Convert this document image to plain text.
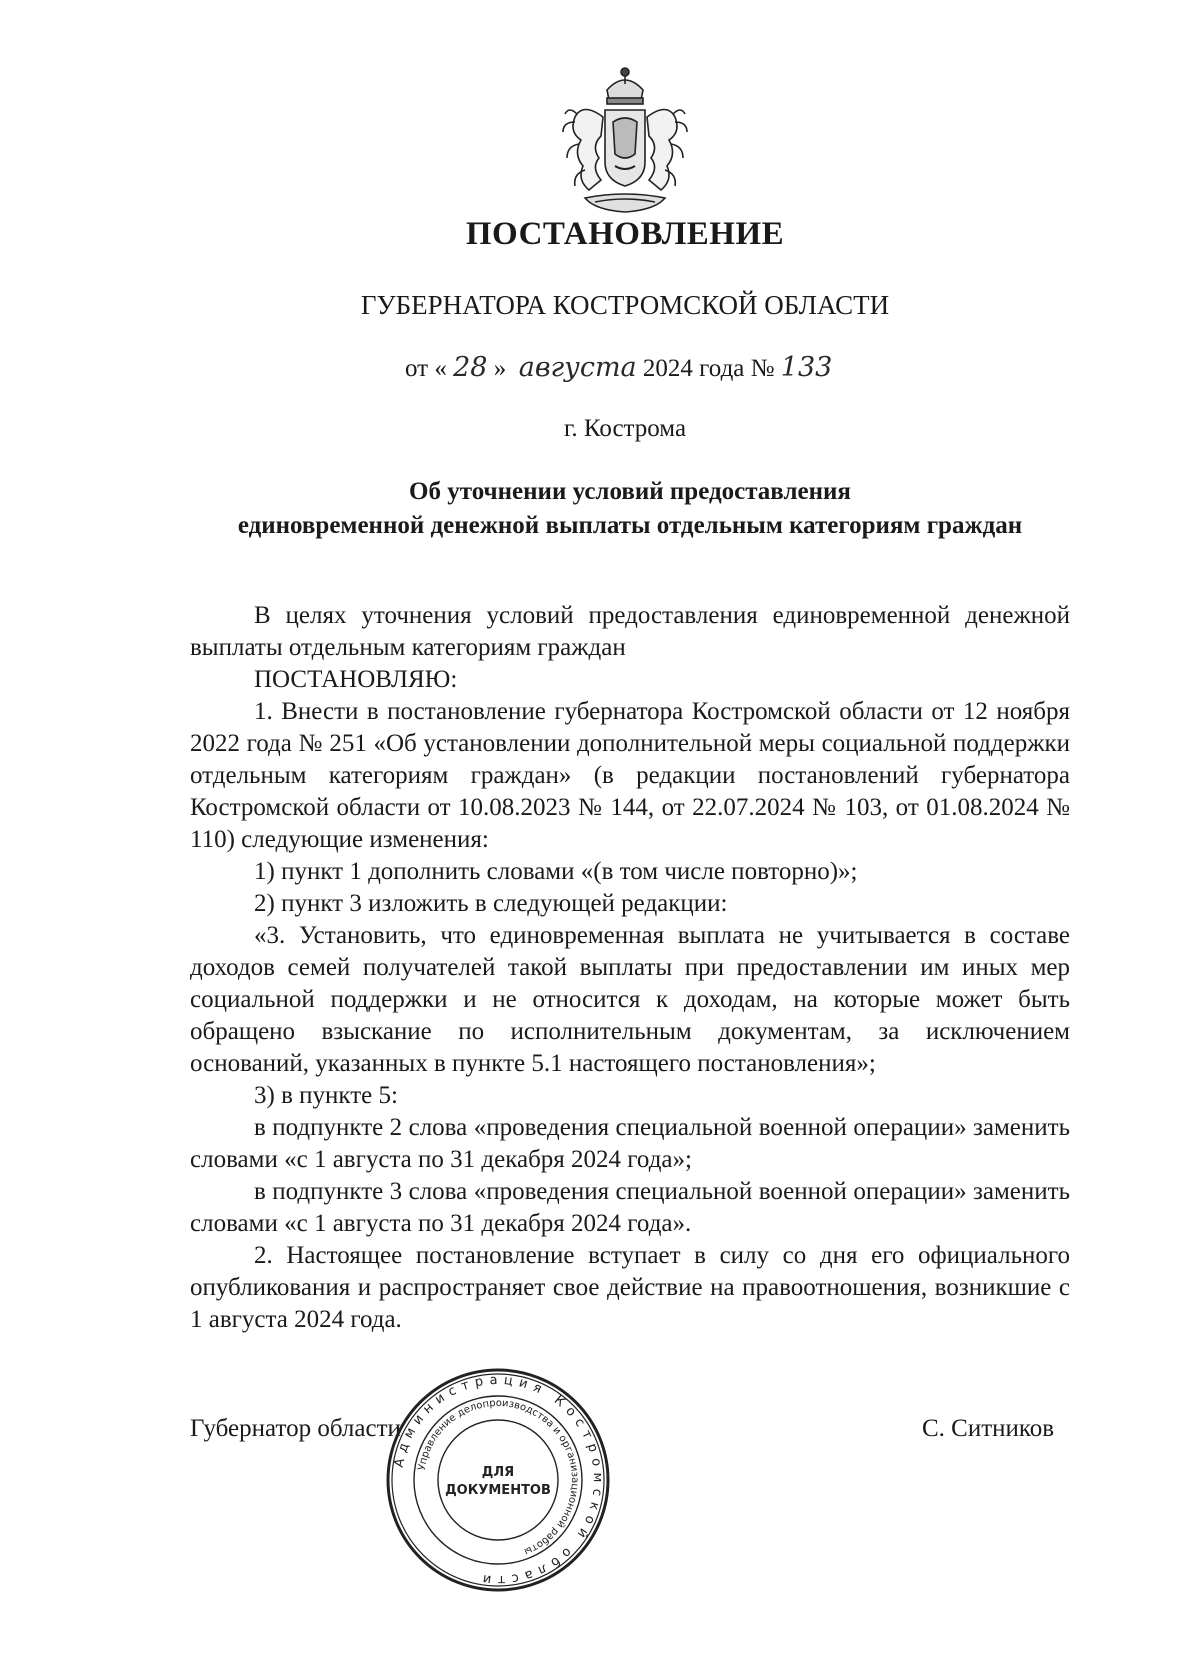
ПОСТАНОВЛЕНИЕ
ГУБЕРНАТОРА КОСТРОМСКОЙ ОБЛАСТИ
от « 28 » августа 2024 года № 133
г. Кострома
Об уточнении условий предоставления
единовременной денежной выплаты отдельным категориям граждан

В целях уточнения условий предоставления единовременной денежной выплаты отдельным категориям граждан

ПОСТАНОВЛЯЮ:

1. Внести в постановление губернатора Костромской области от 12 ноября 2022 года № 251 «Об установлении дополнительной меры социальной поддержки отдельным категориям граждан» (в редакции постановлений губернатора Костромской области от 10.08.2023 № 144, от 22.07.2024 № 103, от 01.08.2024 № 110) следующие изменения:

1) пункт 1 дополнить словами «(в том числе повторно)»;

2) пункт 3 изложить в следующей редакции:

«3. Установить, что единовременная выплата не учитывается в составе доходов семей получателей такой выплаты при предоставлении им иных мер социальной поддержки и не относится к доходам, на которые может быть обращено взыскание по исполнительным документам, за исключением оснований, указанных в пункте 5.1 настоящего постановления»;

3) в пункте 5:

в подпункте 2 слова «проведения специальной военной операции» заменить словами «с 1 августа по 31 декабря 2024 года»;

в подпункте 3 слова «проведения специальной военной операции» заменить словами «с 1 августа по 31 декабря 2024 года».

2. Настоящее постановление вступает в силу со дня его официального опубликования и распространяет свое действие на правоотношения, возникшие с 1 августа 2024 года.

Губернатор области	С. Ситников
Администрация Костромской области
Управление делопроизводства и организационной работы
ДЛЯ
ДОКУМЕНТОВ
